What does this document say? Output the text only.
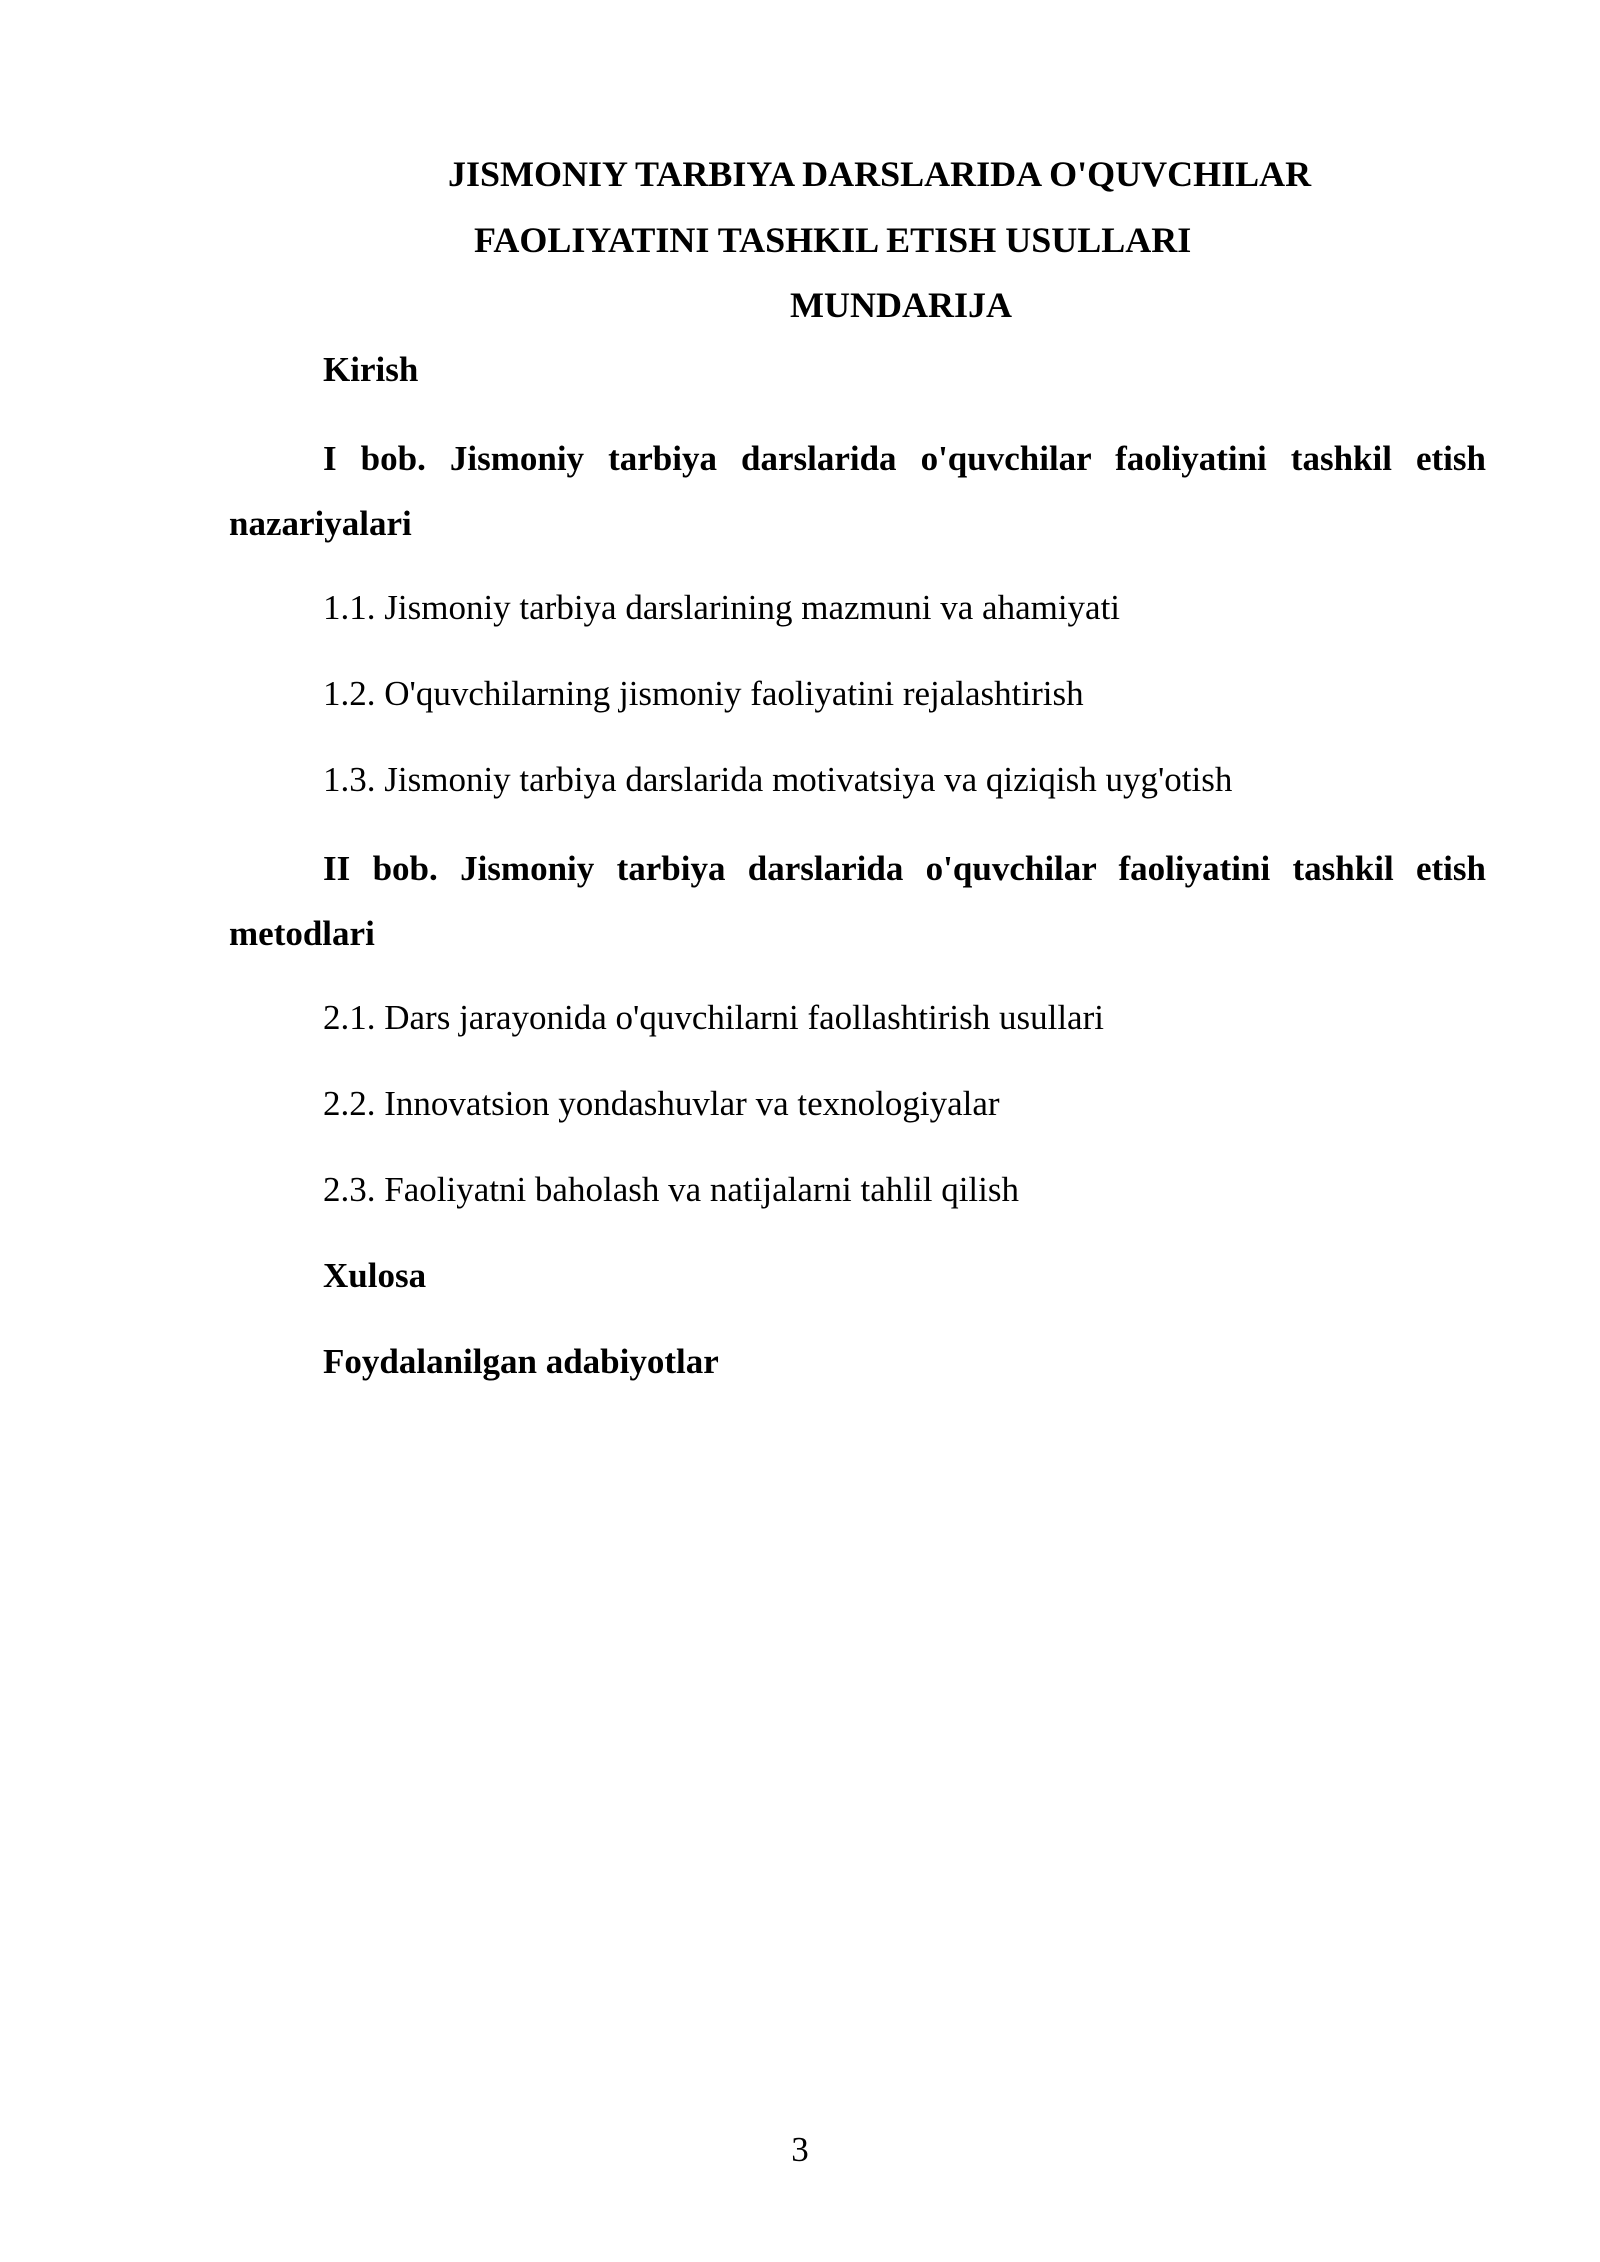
JISMONIY TARBIYA DARSLARIDA O'QUVCHILAR
FAOLIYATINI TASHKIL ETISH USULLARI
MUNDARIJA
Kirish
I bob. Jismoniy tarbiya darslarida o'quvchilar faoliyatini tashkil etish
nazariyalari
1.1. Jismoniy tarbiya darslarining mazmuni va ahamiyati
1.2. O'quvchilarning jismoniy faoliyatini rejalashtirish
1.3. Jismoniy tarbiya darslarida motivatsiya va qiziqish uyg'otish
II bob. Jismoniy tarbiya darslarida o'quvchilar faoliyatini tashkil etish
metodlari
2.1. Dars jarayonida o'quvchilarni faollashtirish usullari
2.2. Innovatsion yondashuvlar va texnologiyalar
2.3. Faoliyatni baholash va natijalarni tahlil qilish
Xulosa
Foydalanilgan adabiyotlar
3
